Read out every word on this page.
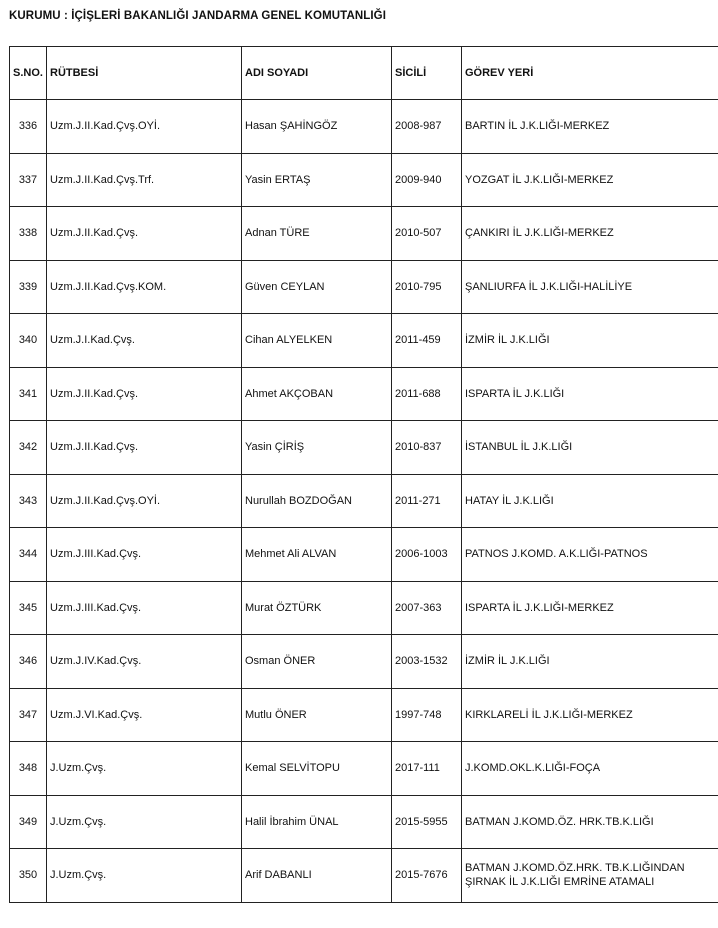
KURUMU : İÇİŞLERİ BAKANLIĞI JANDARMA GENEL KOMUTANLIĞI
S.NO.	RÜTBESİ	ADI SOYADI	SİCİLİ	GÖREV YERİ
336	Uzm.J.II.Kad.Çvş.OYİ.	Hasan ŞAHİNGÖZ	2008-987	BARTIN İL J.K.LIĞI-MERKEZ

337	Uzm.J.II.Kad.Çvş.Trf.	Yasin ERTAŞ	2009-940	YOZGAT İL J.K.LIĞI-MERKEZ

338	Uzm.J.II.Kad.Çvş.	Adnan TÜRE	2010-507	ÇANKIRI İL J.K.LIĞI-MERKEZ

339	Uzm.J.II.Kad.Çvş.KOM.	Güven CEYLAN	2010-795	ŞANLIURFA İL J.K.LIĞI-HALİLİYE

340	Uzm.J.I.Kad.Çvş.	Cihan ALYELKEN	2011-459	İZMİR İL J.K.LIĞI

341	Uzm.J.II.Kad.Çvş.	Ahmet AKÇOBAN	2011-688	ISPARTA İL J.K.LIĞI

342	Uzm.J.II.Kad.Çvş.	Yasin ÇİRİŞ	2010-837	İSTANBUL İL J.K.LIĞI

343	Uzm.J.II.Kad.Çvş.OYİ.	Nurullah BOZDOĞAN	2011-271	HATAY İL J.K.LIĞI

344	Uzm.J.III.Kad.Çvş.	Mehmet Ali ALVAN	2006-1003	PATNOS J.KOMD. A.K.LIĞI-PATNOS

345	Uzm.J.III.Kad.Çvş.	Murat ÖZTÜRK	2007-363	ISPARTA İL J.K.LIĞI-MERKEZ

346	Uzm.J.IV.Kad.Çvş.	Osman ÖNER	2003-1532	İZMİR İL J.K.LIĞI

347	Uzm.J.VI.Kad.Çvş.	Mutlu ÖNER	1997-748	KIRKLARELİ İL J.K.LIĞI-MERKEZ

348	J.Uzm.Çvş.	Kemal SELVİTOPU	2017-111	J.KOMD.OKL.K.LIĞI-FOÇA

349	J.Uzm.Çvş.	Halil İbrahim ÜNAL	2015-5955	BATMAN J.KOMD.ÖZ. HRK.TB.K.LIĞI

350	J.Uzm.Çvş.	Arif DABANLI	2015-7676	BATMAN J.KOMD.ÖZ.HRK. TB.K.LIĞINDAN
ŞIRNAK İL J.K.LIĞI EMRİNE ATAMALI
